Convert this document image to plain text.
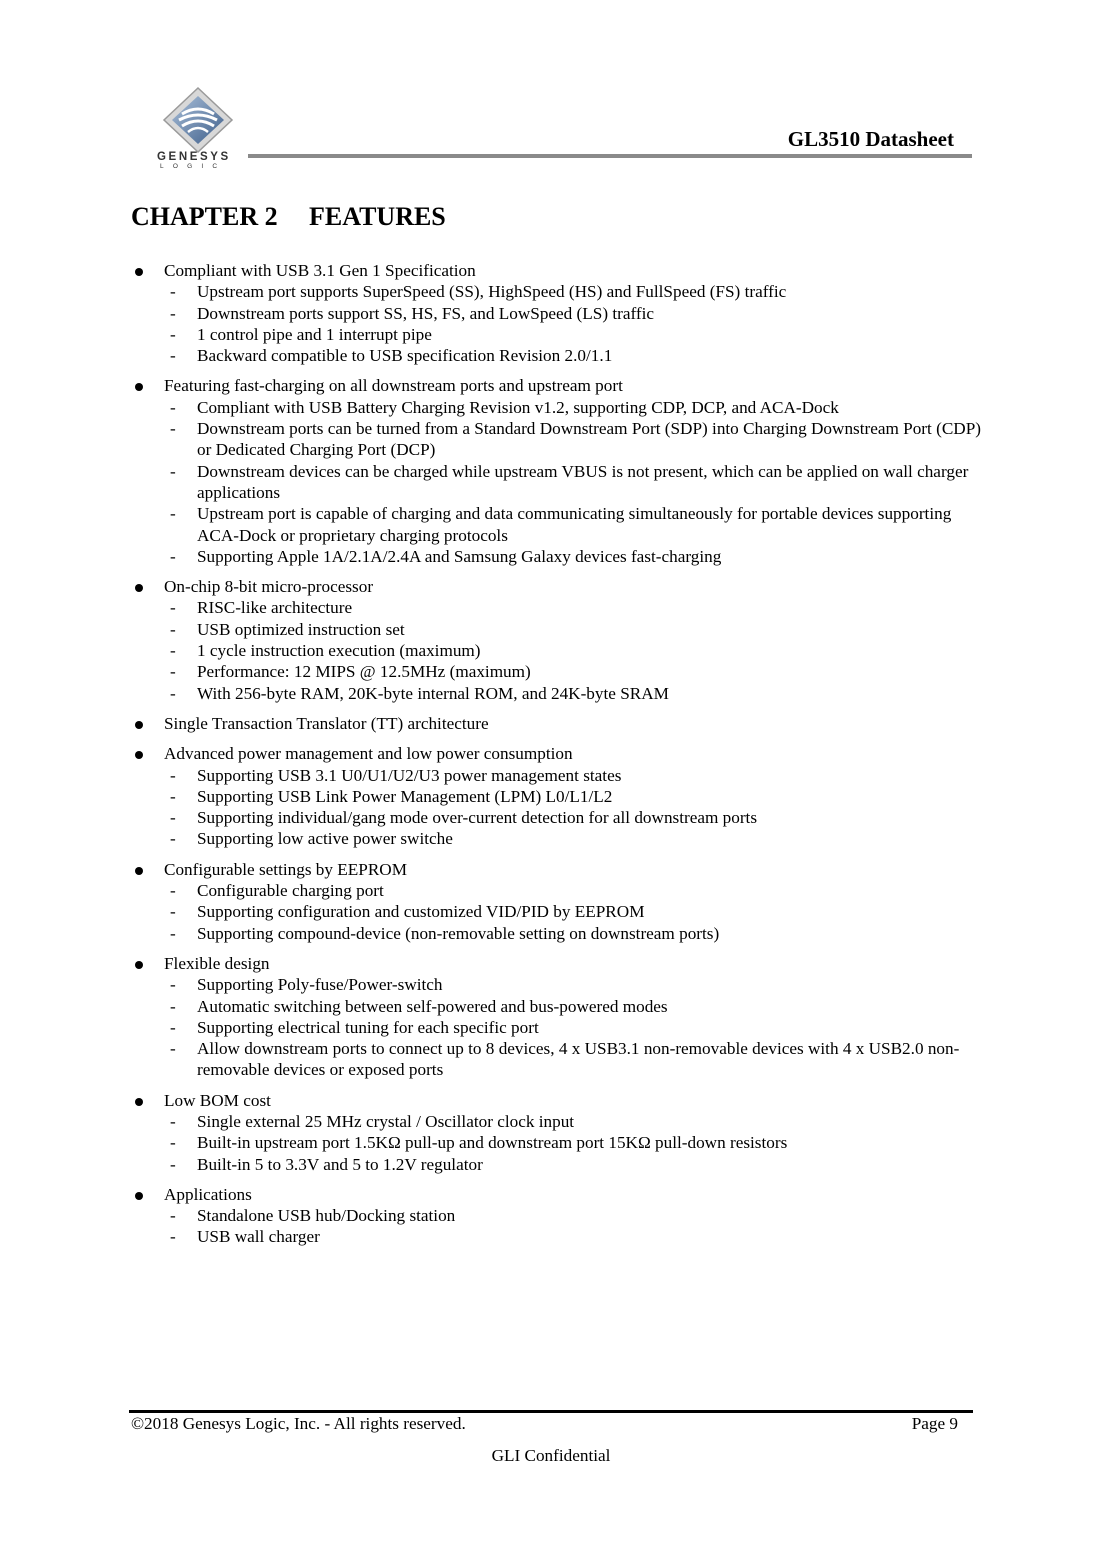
GENESYS
LOGIC
GL3510 Datasheet
CHAPTER 2 FEATURES
Compliant with USB 3.1 Gen 1 Specification
- Upstream port supports SuperSpeed (SS), HighSpeed (HS) and FullSpeed (FS) traffic
- Downstream ports support SS, HS, FS, and LowSpeed (LS) traffic
- 1 control pipe and 1 interrupt pipe
- Backward compatible to USB specification Revision 2.0/1.1
Featuring fast-charging on all downstream ports and upstream port
- Compliant with USB Battery Charging Revision v1.2, supporting CDP, DCP, and ACA-Dock
- Downstream ports can be turned from a Standard Downstream Port (SDP) into Charging Downstream Port (CDP) or Dedicated Charging Port (DCP)
- Downstream devices can be charged while upstream VBUS is not present, which can be applied on wall charger applications
- Upstream port is capable of charging and data communicating simultaneously for portable devices supporting ACA-Dock or proprietary charging protocols
- Supporting Apple 1A/2.1A/2.4A and Samsung Galaxy devices fast-charging
On-chip 8-bit micro-processor
- RISC-like architecture
- USB optimized instruction set
- 1 cycle instruction execution (maximum)
- Performance: 12 MIPS @ 12.5MHz (maximum)
- With 256-byte RAM, 20K-byte internal ROM, and 24K-byte SRAM
Single Transaction Translator (TT) architecture
Advanced power management and low power consumption
- Supporting USB 3.1 U0/U1/U2/U3 power management states
- Supporting USB Link Power Management (LPM) L0/L1/L2
- Supporting individual/gang mode over-current detection for all downstream ports
- Supporting low active power switche
Configurable settings by EEPROM
- Configurable charging port
- Supporting configuration and customized VID/PID by EEPROM
- Supporting compound-device (non-removable setting on downstream ports)
Flexible design
- Supporting Poly-fuse/Power-switch
- Automatic switching between self-powered and bus-powered modes
- Supporting electrical tuning for each specific port
- Allow downstream ports to connect up to 8 devices, 4 x USB3.1 non-removable devices with 4 x USB2.0 non-removable devices or exposed ports
Low BOM cost
- Single external 25 MHz crystal / Oscillator clock input
- Built-in upstream port 1.5KΩ pull-up and downstream port 15KΩ pull-down resistors
- Built-in 5 to 3.3V and 5 to 1.2V regulator
Applications
- Standalone USB hub/Docking station
- USB wall charger
©2018 Genesys Logic, Inc. - All rights reserved.	Page 9
GLI Confidential
